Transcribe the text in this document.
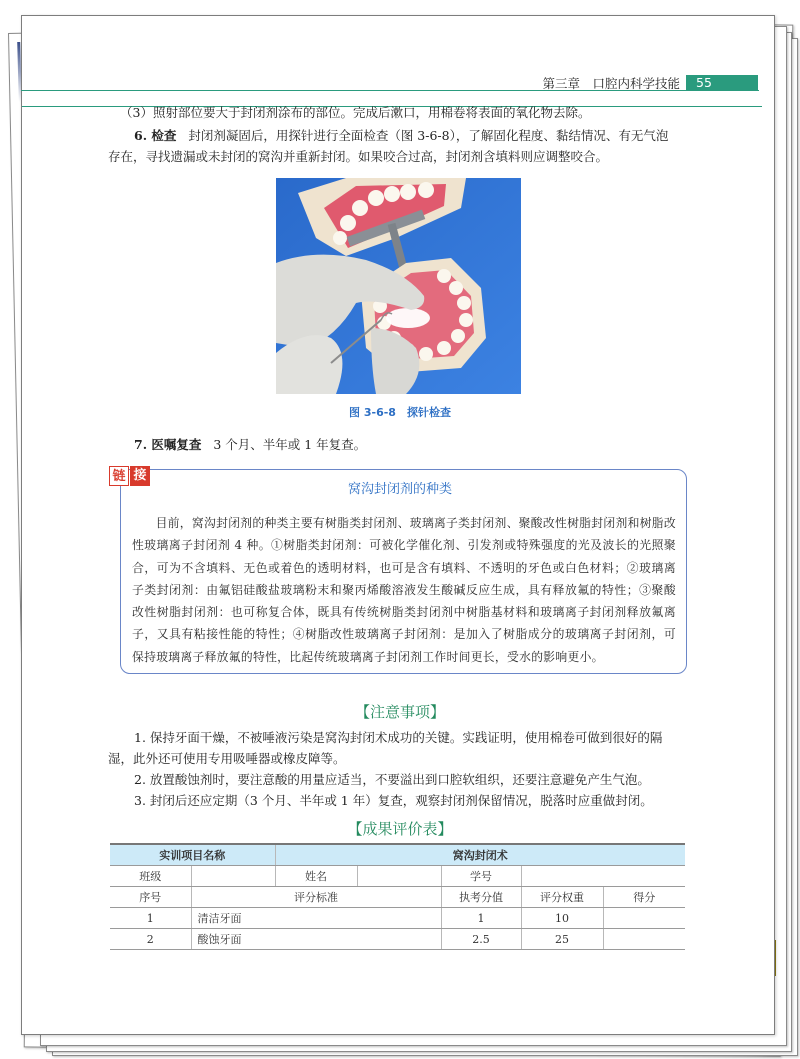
第三章　口腔内科学技能	55
（3）照射部位要大于封闭剂涂布的部位。完成后漱口，用棉卷将表面的氧化物去除。
6. 检查 封闭剂凝固后，用探针进行全面检查（图 3-6-8），了解固化程度、黏结情况、有无气泡
存在，寻找遗漏或未封闭的窝沟并重新封闭。如果咬合过高，封闭剂含填料则应调整咬合。
图 3-6-8　探针检查
7. 医嘱复查 3 个月、半年或 1 年复查。
链 接
窝沟封闭剂的种类

目前，窝沟封闭剂的种类主要有树脂类封闭剂、玻璃离子类封闭剂、聚酸改性树脂封闭剂和树脂改性玻璃离子封闭剂 4 种。①树脂类封闭剂：可被化学催化剂、引发剂或特殊强度的光及波长的光照聚合，可为不含填料、无色或着色的透明材料，也可是含有填料、不透明的牙色或白色材料；②玻璃离子类封闭剂：由氟铝硅酸盐玻璃粉末和聚丙烯酸溶液发生酸碱反应生成，具有释放氟的特性；③聚酸改性树脂封闭剂：也可称复合体，既具有传统树脂类封闭剂中树脂基材料和玻璃离子封闭剂释放氟离子，又具有粘接性能的特性；④树脂改性玻璃离子封闭剂：是加入了树脂成分的玻璃离子封闭剂，可保持玻璃离子释放氟的特性，比起传统玻璃离子封闭剂工作时间更长，受水的影响更小。

【注意事项】
1. 保持牙面干燥，不被唾液污染是窝沟封闭术成功的关键。实践证明，使用棉卷可做到很好的隔
湿，此外还可使用专用吸唾器或橡皮障等。
2. 放置酸蚀剂时，要注意酸的用量应适当，不要溢出到口腔软组织，还要注意避免产生气泡。
3. 封闭后还应定期（3 个月、半年或 1 年）复查，观察封闭剂保留情况，脱落时应重做封闭。
【成果评价表】
实训项目名称		窝沟封闭术				
班级		姓名		学号		
序号	评分标准			执考分值	评分权重	得分
1	清洁牙面			1	10	
2	酸蚀牙面			2.5	25	
